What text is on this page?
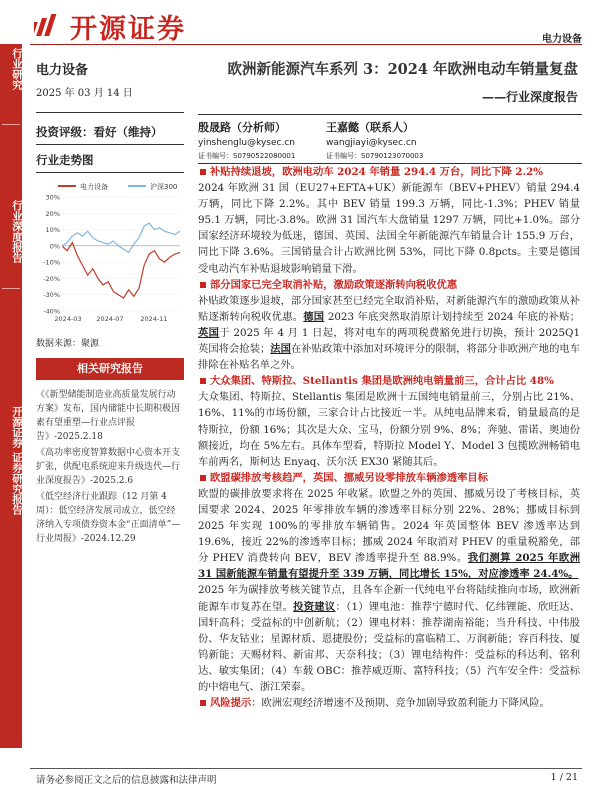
开源证券	电力设备
行业研究
行业深度报告
开源证券 证券研究报告
电力设备
2025 年 03 月 14 日
投资评级：看好（维持）
行业走势图
电力设备	沪深300
-40%
-30%
-20%
-10%
0%
10%
20%
30%
2024-03 2024-07	2024-11
数据来源：聚源
相关研究报告
《《新型储能制造业高质量发展行动方案》发布，国内储能中长期积极因素有望重塑—行业点评报告》-2025.2.18
《高功率密度智算数据中心资本开支扩张，供配电系统迎来升级迭代—行业深度报告》-2025.2.6
《低空经济行业跟踪（12 月第 4 周）：低空经济发展司成立，低空经济纳入专项债券资本金“正面清单”—行业周报》-2024.12.29
欧洲新能源汽车系列 3：2024 年欧洲电动车销量复盘
——行业深度报告
殷晟路（分析师）
yinshenglu@kysec.cn
证书编号：S0790522080001
王嘉懿（联系人）
wangjiayi@kysec.cn
证书编号：S0790123070003
补贴持续退坡，欧洲电动车 2024 年销量 294.4 万台，同比下降 2.2%
2024 年欧洲 31 国（EU27+EFTA+UK）新能源车（BEV+PHEV）销量 294.4 万辆，同比下降 2.2%。其中 BEV 销量 199.3 万辆，同比-1.3%；PHEV 销量 95.1 万辆，同比-3.8%。欧洲 31 国汽车大盘销量 1297 万辆，同比+1.0%。部分国家经济环境较为低迷，德国、英国、法国全年新能源汽车销量合计 155.9 万台，同比下降 3.6%。三国销量合计占欧洲比例 53%，同比下降 0.8pcts。主要是德国受电动汽车补贴退坡影响销量下滑。
部分国家已完全取消补贴，激励政策逐渐转向税收优惠
补贴政策逐步退坡，部分国家甚至已经完全取消补贴，对新能源汽车的激励政策从补贴逐渐转向税收优惠。德国 2023 年底突然取消原计划持续至 2024 年底的补贴；英国于 2025 年 4 月 1 日起，将对电车的两项税费豁免进行切换，预计 2025Q1 英国将会抢装；法国在补贴政策中添加对环境评分的限制，将部分非欧洲产地的电车排除在补贴名单之外。
大众集团、特斯拉、Stellantis 集团是欧洲纯电销量前三，合计占比 48%
大众集团、特斯拉、Stellantis 集团是欧洲十五国纯电销量前三，分别占比 21%、16%、11%的市场份额，三家合计占比接近一半。从纯电品牌来看，销量最高的是特斯拉，份额 16%；其次是大众、宝马，份额分别 9%、8%；奔驰、雷诺、奥迪份额接近，均在 5%左右。具体车型看，特斯拉 Model Y、Model 3 包揽欧洲畅销电车前两名，斯柯达 Enyaq、沃尔沃 EX30 紧随其后。
欧盟碳排放考核趋严，英国、挪威另设零排放车辆渗透率目标
欧盟的碳排放要求将在 2025 年收紧。欧盟之外的英国、挪威另设了考核目标，英国要求 2024、2025 年零排放车辆的渗透率目标分别 22%、28%；挪威目标到 2025 年实现 100%的零排放车辆销售。2024 年英国整体 BEV 渗透率达到 19.6%，接近 22%的渗透率目标；挪威 2024 年取消对 PHEV 的重量税豁免，部分 PHEV 消费转向 BEV，BEV 渗透率提升至 88.9%。我们测算 2025 年欧洲 31 国新能源车销量有望提升至 339 万辆，同比增长 15%，对应渗透率 24.4%。
2025 年为碳排放考核关键节点，且各车企新一代纯电平台将陆续推向市场，欧洲新能源车市复苏在望。投资建议：（1）锂电池：推荐宁德时代、亿纬锂能、欣旺达、国轩高科；受益标的中创新航；（2）锂电材料：推荐湖南裕能；当升科技、中伟股份、华友钴业；星源材质、恩捷股份；受益标的富临精工、万润新能；容百科技、厦钨新能；天赐材料、新宙邦、天奈科技；（3）锂电结构件：受益标的科达利、铭利达、敏实集团；（4）车载 OBC：推荐威迈斯、富特科技；（5）汽车安全件：受益标的中熔电气、浙江荣泰。
风险提示：欧洲宏观经济增速不及预期、竞争加剧导致盈利能力下降风险。
请务必参阅正文之后的信息披露和法律声明	1 / 21
